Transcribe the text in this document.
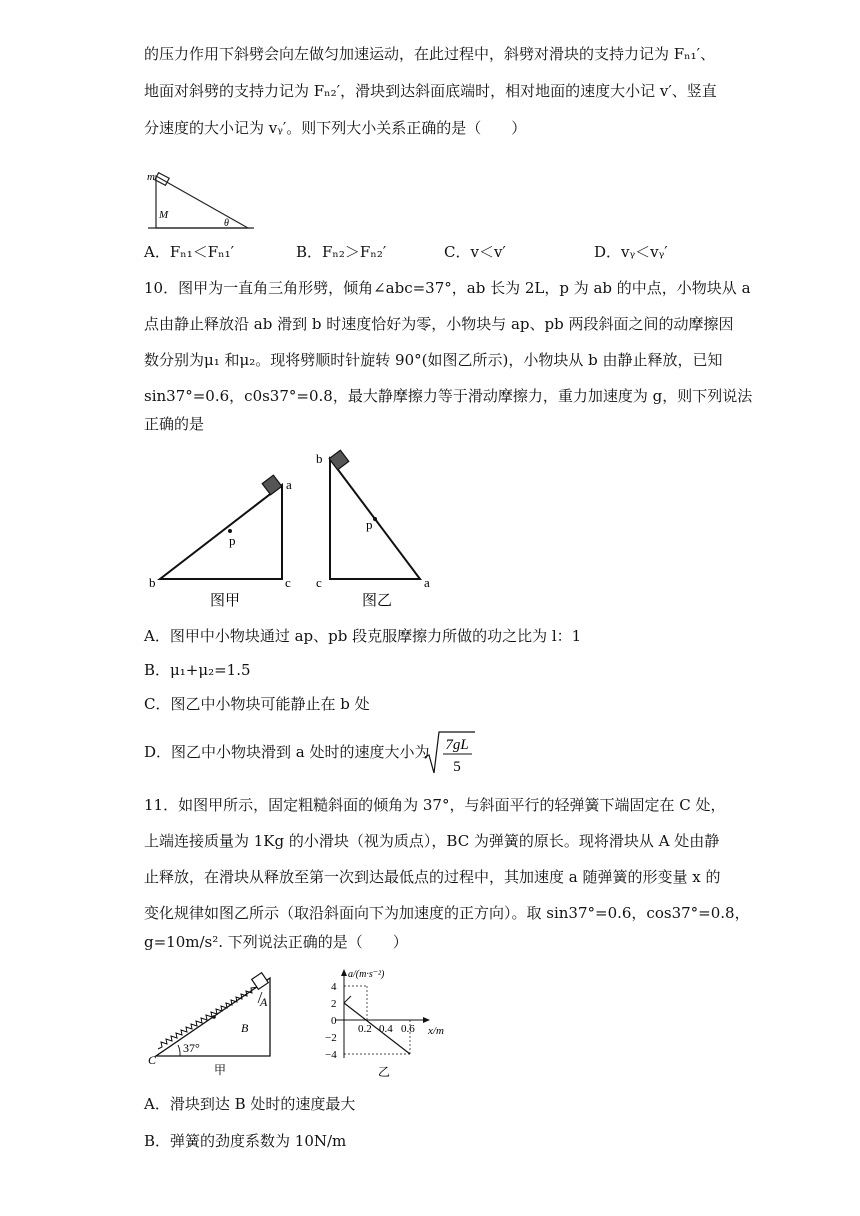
的压力作用下斜劈会向左做匀加速运动，在此过程中，斜劈对滑块的支持力记为 Fₙ₁′、
地面对斜劈的支持力记为 Fₙ₂′，滑块到达斜面底端时，相对地面的速度大小记 v′、竖直
分速度的大小记为 vᵧ′。则下列大小关系正确的是（　　）
m
M
θ
A．Fₙ₁＜Fₙ₁′	B．Fₙ₂＞Fₙ₂′	C．v＜v′	D．vᵧ＜vᵧ′
10．图甲为一直角三角形劈，倾角∠abc=37°，ab 长为 2L，p 为 ab 的中点，小物块从 a
点由静止释放沿 ab 滑到 b 时速度恰好为零，小物块与 ap、pb 两段斜面之间的动摩擦因
数分别为μ₁ 和μ₂。现将劈顺时针旋转 90°(如图乙所示)，小物块从 b 由静止释放，已知
sin37°=0.6，c0s37°=0.8，最大静摩擦力等于滑动摩擦力，重力加速度为 g，则下列说法
正确的是
a
b	c
p
图甲
b
c	a
p
图乙
A．图甲中小物块通过 ap、pb 段克服摩擦力所做的功之比为 l：1
B．μ₁+μ₂=1.5
C．图乙中小物块可能静止在 b 处
D．图乙中小物块滑到 a 处时的速度大小为 7gL
5
11．如图甲所示，固定粗糙斜面的倾角为 37°，与斜面平行的轻弹簧下端固定在 C 处，
上端连接质量为 1Kg 的小滑块（视为质点），BC 为弹簧的原长。现将滑块从 A 处由静
止释放，在滑块从释放至第一次到达最低点的过程中，其加速度 a 随弹簧的形变量 x 的
变化规律如图乙所示（取沿斜面向下为加速度的正方向）。取 sin37°=0.6，cos37°=0.8，
g=10m/s². 下列说法正确的是（　　）
A
B
C
37°
甲
a/(m·s⁻²)
x/m
4
2
0
−2
−4
0.2 0.4 0.6
乙
A．滑块到达 B 处时的速度最大
B．弹簧的劲度系数为 10N/m
